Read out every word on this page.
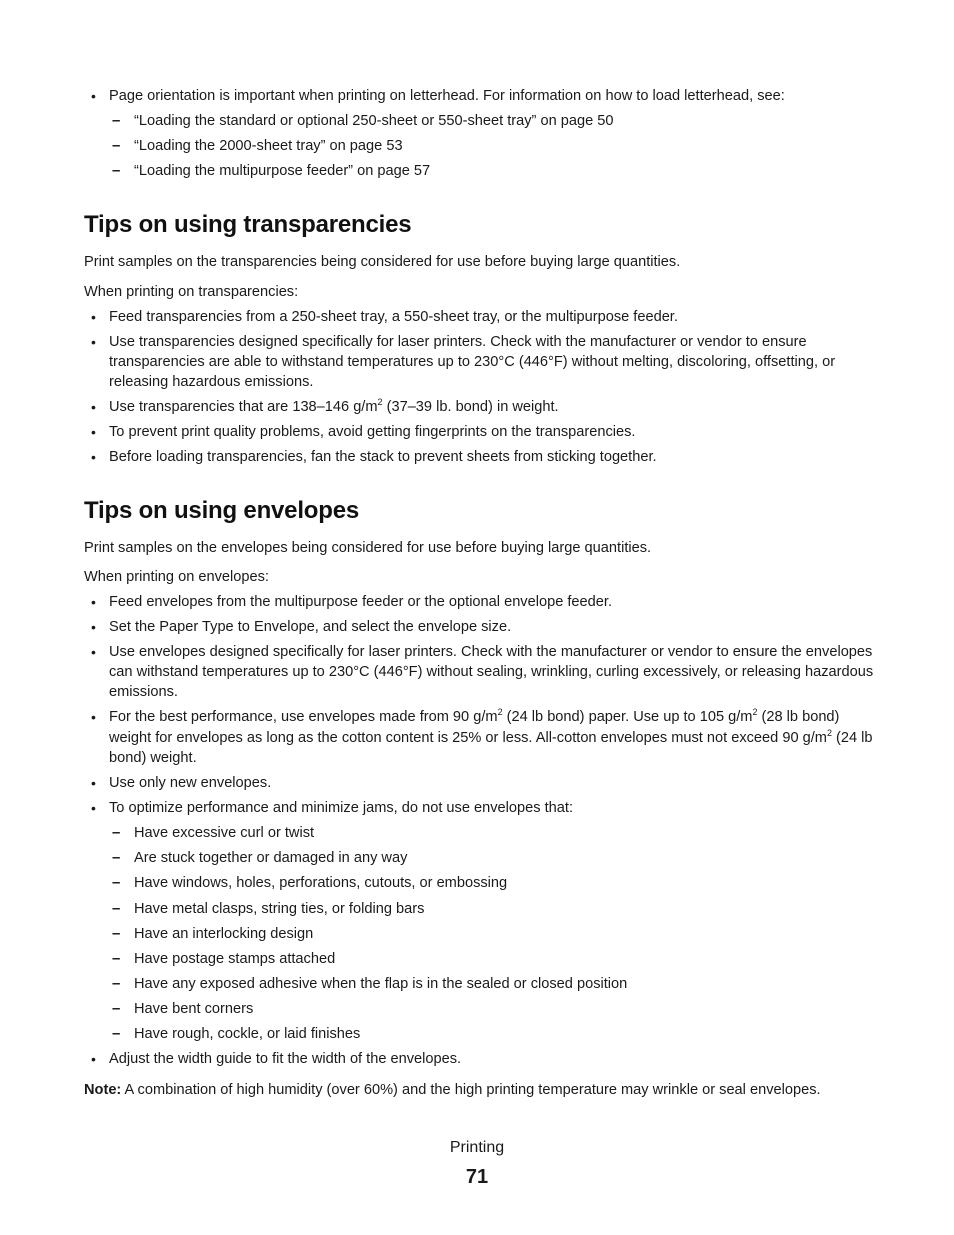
• Page orientation is important when printing on letterhead. For information on how to load letterhead, see:
– “Loading the standard or optional 250-sheet or 550-sheet tray” on page 50
– “Loading the 2000-sheet tray” on page 53
– “Loading the multipurpose feeder” on page 57
Tips on using transparencies
Print samples on the transparencies being considered for use before buying large quantities.
When printing on transparencies:
• Feed transparencies from a 250-sheet tray, a 550-sheet tray, or the multipurpose feeder.
• Use transparencies designed specifically for laser printers. Check with the manufacturer or vendor to ensure transparencies are able to withstand temperatures up to 230°C (446°F) without melting, discoloring, offsetting, or releasing hazardous emissions.
• Use transparencies that are 138–146 $g/m^2$ (37–39 lb. bond) in weight.
• To prevent print quality problems, avoid getting fingerprints on the transparencies.
• Before loading transparencies, fan the stack to prevent sheets from sticking together.
Tips on using envelopes
Print samples on the envelopes being considered for use before buying large quantities.
When printing on envelopes:
• Feed envelopes from the multipurpose feeder or the optional envelope feeder.
• Set the Paper Type to Envelope, and select the envelope size.
• Use envelopes designed specifically for laser printers. Check with the manufacturer or vendor to ensure the envelopes can withstand temperatures up to 230°C (446°F) without sealing, wrinkling, curling excessively, or releasing hazardous emissions.
• For the best performance, use envelopes made from 90 $g/m^2$ (24 lb bond) paper. Use up to 105 $g/m^2$ (28 lb bond) weight for envelopes as long as the cotton content is 25% or less. All-cotton envelopes must not exceed 90 $g/m^2$ (24 lb bond) weight.
• Use only new envelopes.
• To optimize performance and minimize jams, do not use envelopes that:
– Have excessive curl or twist
– Are stuck together or damaged in any way
– Have windows, holes, perforations, cutouts, or embossing
– Have metal clasps, string ties, or folding bars
– Have an interlocking design
– Have postage stamps attached
– Have any exposed adhesive when the flap is in the sealed or closed position
– Have bent corners
– Have rough, cockle, or laid finishes
• Adjust the width guide to fit the width of the envelopes.
Note: A combination of high humidity (over 60%) and the high printing temperature may wrinkle or seal envelopes.
Printing
71
